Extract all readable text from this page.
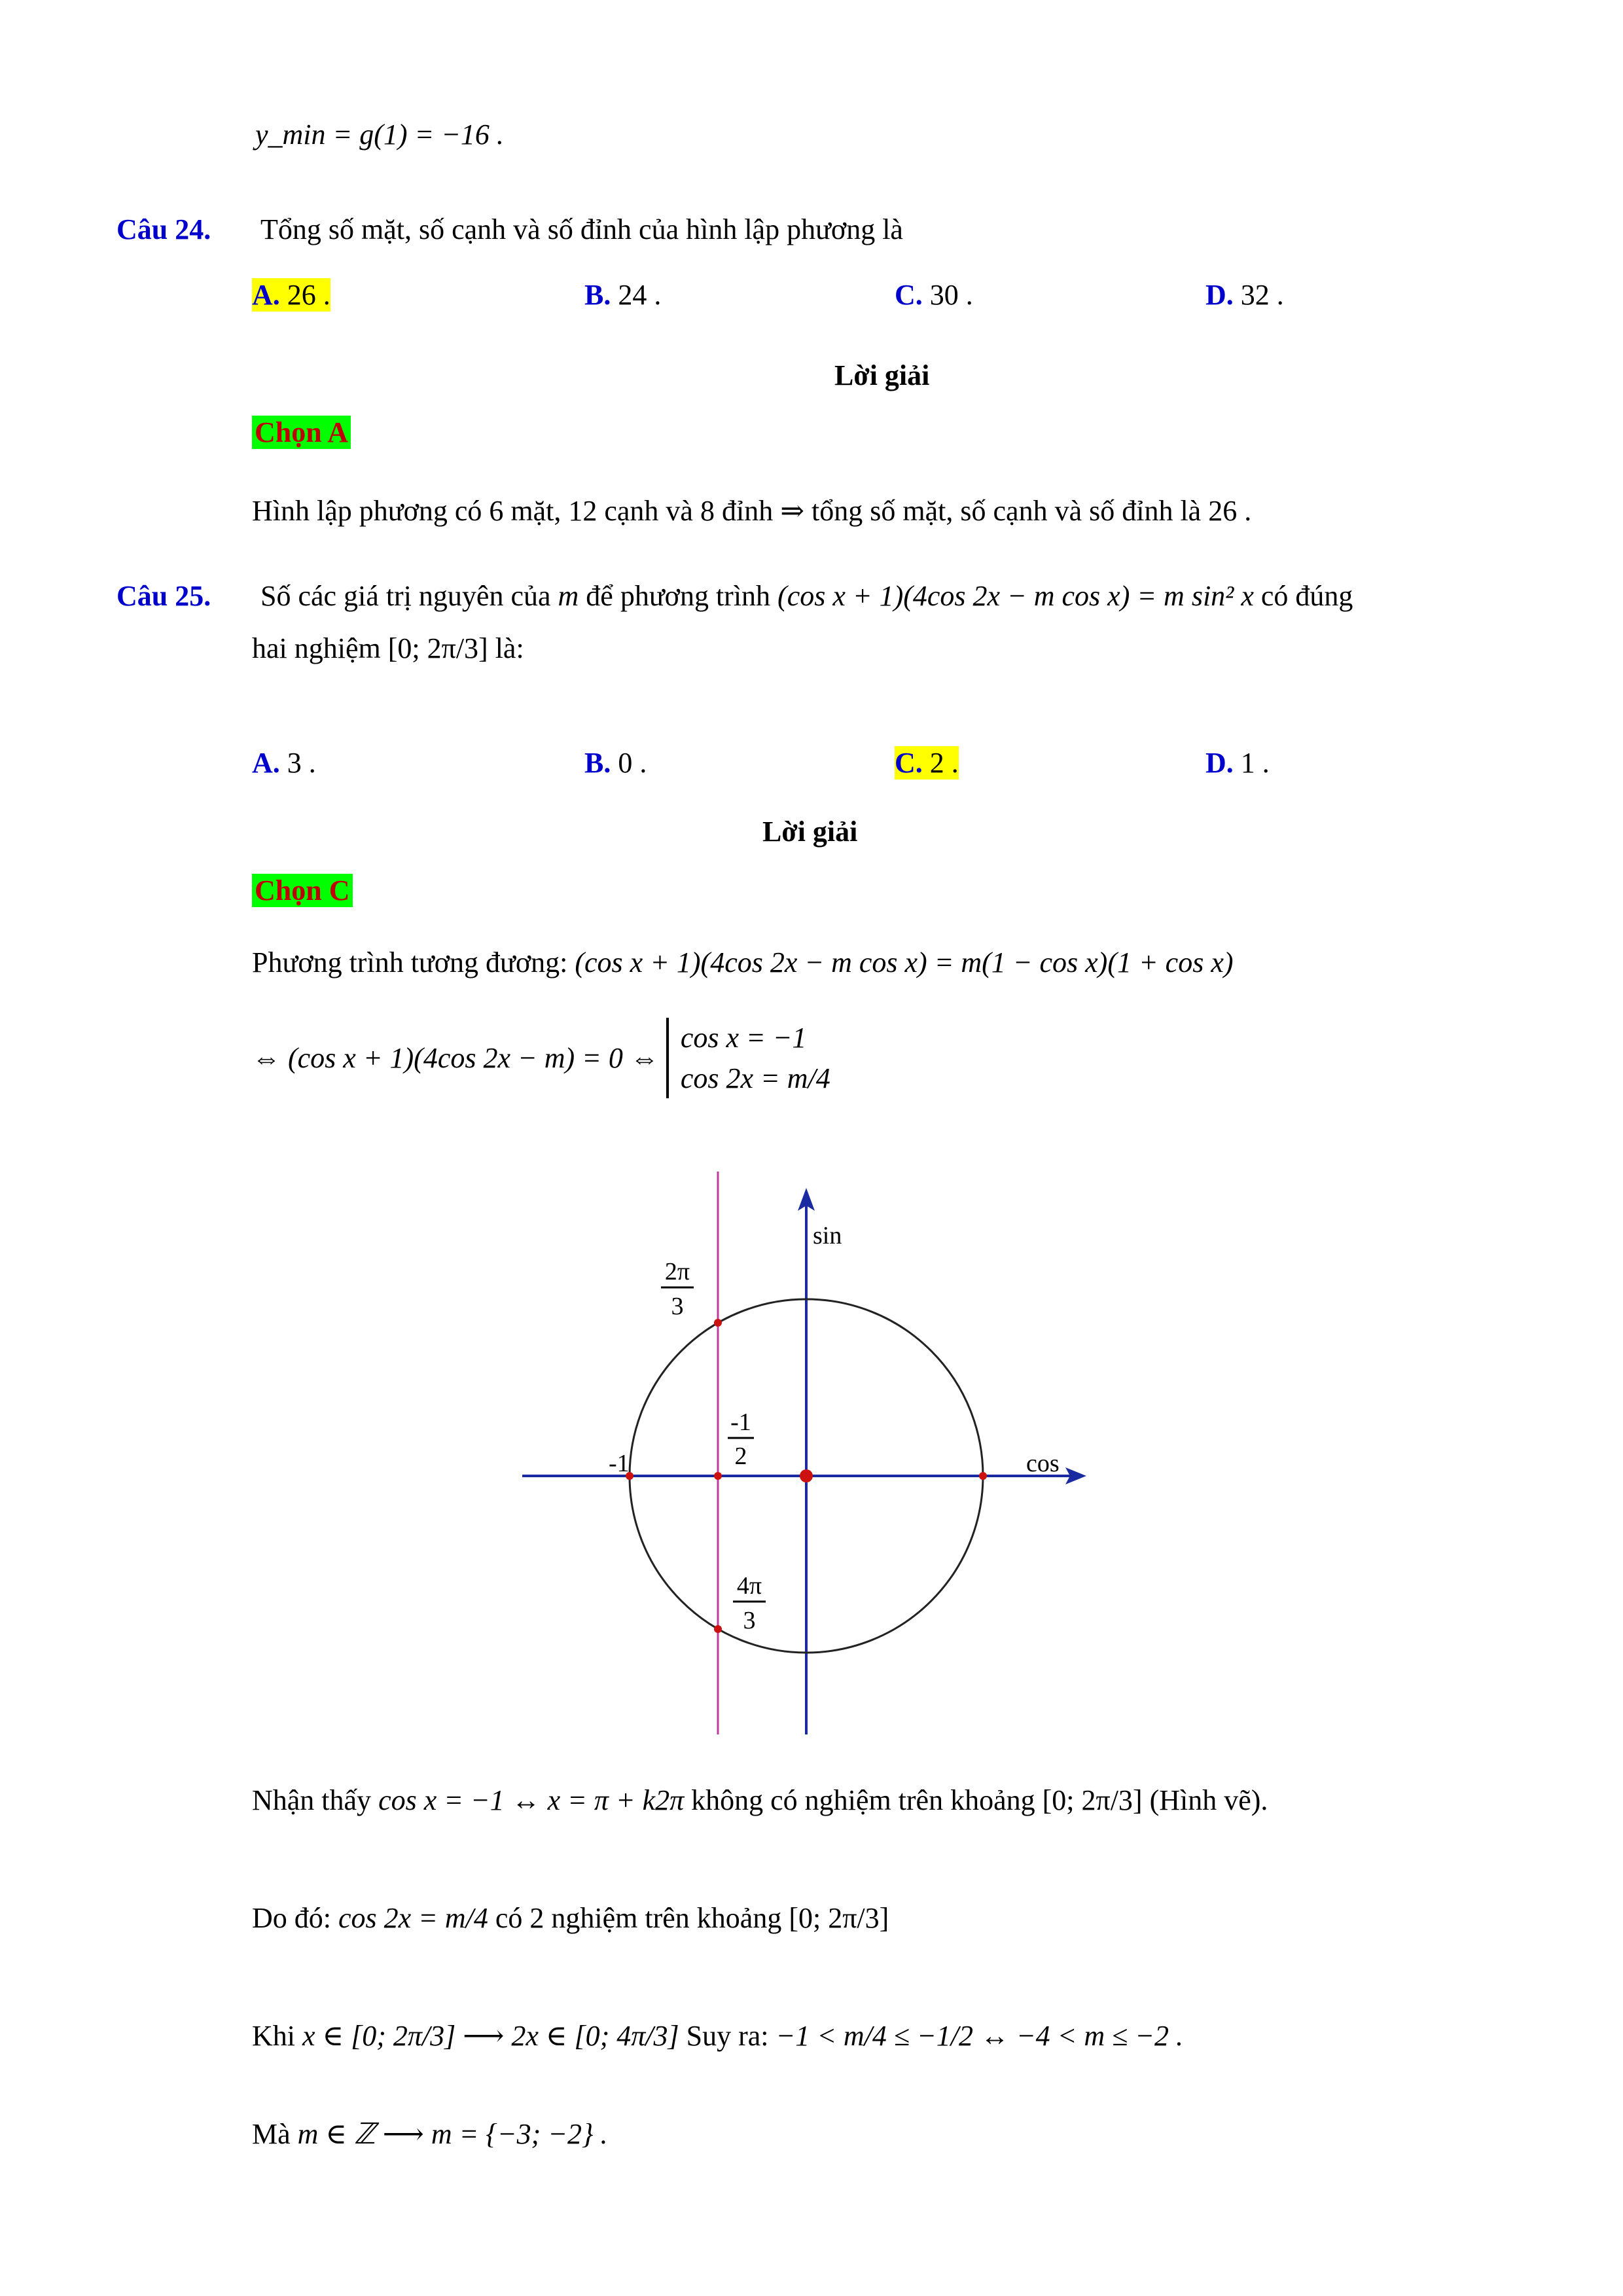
y_min = g(1) = −16 .
Câu 24. Tổng số mặt, số cạnh và số đỉnh của hình lập phương là
A. 26 .	B. 24 .	C. 30 .	D. 32 .
Lời giải
Chọn A
Hình lập phương có 6 mặt, 12 cạnh và 8 đỉnh ⇒ tổng số mặt, số cạnh và số đỉnh là 26 .
Câu 25. Số các giá trị nguyên của m để phương trình (cos x + 1)(4cos 2x − m cos x) = m sin² x có đúng
hai nghiệm [0; 2π/3] là:
A. 3 .	B. 0 .	C. 2 .	D. 1 .
Lời giải
Chọn C
Phương trình tương đương: (cos x + 1)(4cos 2x − m cos x) = m(1 − cos x)(1 + cos x)
⇔ (cos x + 1)(4cos 2x − m) = 0 ⇔
cos x = −1
cos 2x = m/4
sin
cos
2π
3
-1
-1
2
4π
3
Nhận thấy cos x = −1 ↔ x = π + k2π không có nghiệm trên khoảng [0; 2π/3] (Hình vẽ).
Do đó: cos 2x = m/4 có 2 nghiệm trên khoảng [0; 2π/3]
Khi x ∈ [0; 2π/3] ⟶ 2x ∈ [0; 4π/3] Suy ra: −1 < m/4 ≤ −1/2 ↔ −4 < m ≤ −2 .
Mà m ∈ ℤ ⟶ m = {−3; −2} .
